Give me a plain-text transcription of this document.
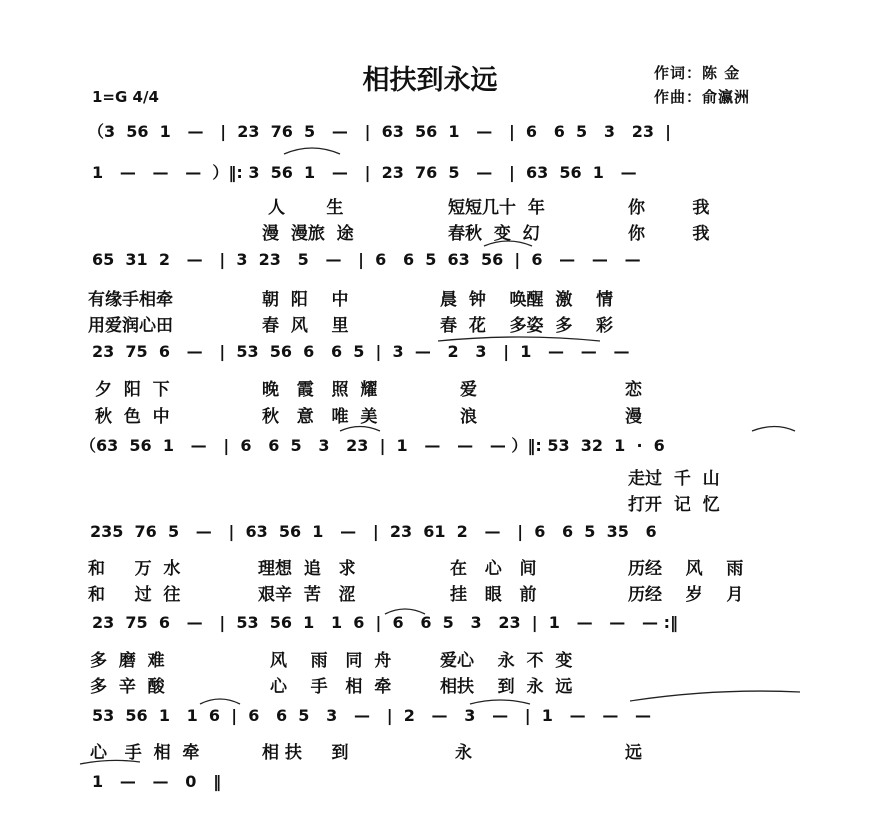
相扶到永远
1=G 4/4
作词：陈 金
作曲：俞瀛洲
（3  56  1   —   |  23  76  5   —   |  63  56  1   —   |  6   6  5   3   23  |
1   —   —   —  ）‖: 3  56  1   —   |  23  76  5   —   |  63  56  1   —
人       生	短短几十  年	你        我
漫  漫旅  途	春秋  变  幻	你        我
65  31  2   —   |  3  23   5   —   |  6   6  5  63  56  |  6   —   —   —
有缘手相牵	朝  阳    中	晨  钟    唤醒  激    情
用爱润心田	春  风    里	春  花    多姿  多    彩
23  75  6   —   |  53  56  6   6  5  |  3  —   2   3   |  1   —   —   —
夕  阳  下	晚   霞   照  耀	爱	恋
秋  色  中	秋   意   唯  美	浪	漫
（63  56  1   —   |  6   6  5   3   23  |  1   —   —   — ）‖: 53  32  1  ·  6
走过  千  山
打开  记  忆
235  76  5   —   |  63  56  1   —   |  23  61  2   —   |  6   6  5  35   6
和     万  水	理想  追   求	在   心   间	历经    风    雨
和     过  往	艰辛  苦   涩	挂   眼   前	历经    岁    月
23  75  6   —   |  53  56  1   1  6  |  6   6  5   3   23  |  1   —   —   — :‖
多  磨  难	风    雨   同  舟	爱心    永  不  变
多  辛  酸	心    手   相  牵	相扶    到  永  远
53  56  1   1  6  |  6   6  5   3   —   |  2   —   3   —   |  1   —   —   —
心   手  相  牵	相 扶     到	永	远
1   —   —   0   ‖
